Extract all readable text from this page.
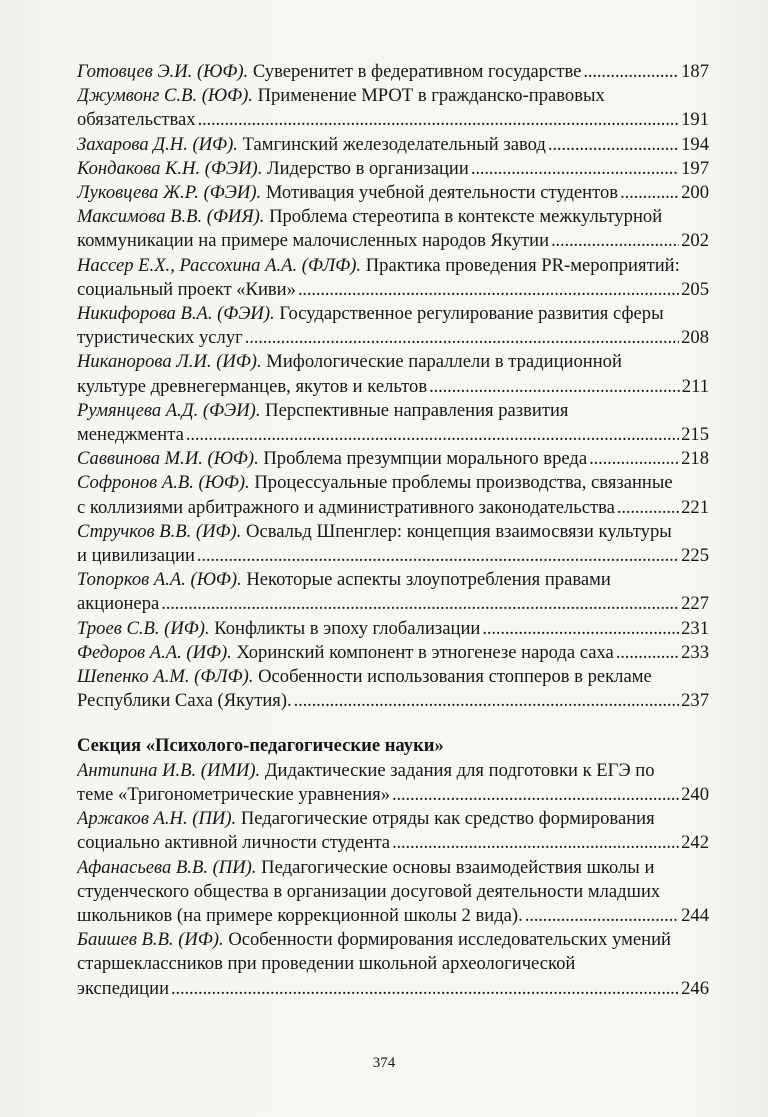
Готовцев Э.И. (ЮФ). Суверенитет в федеративном государстве . . .	187
Джумвонг С.В. (ЮФ). Применение МРОТ в гражданско-правовых
обязательствах . . .	191
Захарова Д.Н. (ИФ). Тамгинский железоделательный завод . . .	194
Кондакова К.Н. (ФЭИ). Лидерство в организации . . .	197
Луковцева Ж.Р. (ФЭИ). Мотивация учебной деятельности студентов . . .	200
Максимова В.В. (ФИЯ). Проблема стереотипа в контексте межкультурной
коммуникации на примере малочисленных народов Якутии . . .	202
Нассер Е.Х., Рассохина А.А. (ФЛФ). Практика проведения PR-мероприятий:
социальный проект «Киви» . . .	205
Никифорова В.А. (ФЭИ). Государственное регулирование развития сферы
туристических услуг . . .	208
Никанорова Л.И. (ИФ). Мифологические параллели в традиционной
культуре древнегерманцев, якутов и кельтов . . .	211
Румянцева А.Д. (ФЭИ). Перспективные направления развития
менеджмента . . .	215
Саввинова М.И. (ЮФ). Проблема презумпции морального вреда . . .	218
Софронов А.В. (ЮФ). Процессуальные проблемы производства, связанные
с коллизиями арбитражного и административного законодательства . . .	221
Стручков В.В. (ИФ). Освальд Шпенглер: концепция взаимосвязи культуры
и цивилизации . . .	225
Топорков А.А. (ЮФ). Некоторые аспекты злоупотребления правами
акционера . . .	227
Троев С.В. (ИФ). Конфликты в эпоху глобализации . . .	231
Федоров А.А. (ИФ). Хоринский компонент в этногенезе народа саха . . .	233
Шепенко А.М. (ФЛФ). Особенности использования стопперов в рекламе
Республики Саха (Якутия). . . .	237
Секция «Психолого-педагогические науки»
Антипина И.В. (ИМИ). Дидактические задания для подготовки к ЕГЭ по
теме «Тригонометрические уравнения» . . .	240
Аржаков А.Н. (ПИ). Педагогические отряды как средство формирования
социально активной личности студента . . .	242
Афанасьева В.В. (ПИ). Педагогические основы взаимодействия школы и
студенческого общества в организации досуговой деятельности младших
школьников (на примере коррекционной школы 2 вида). . . .	244
Баишев В.В. (ИФ). Особенности формирования исследовательских умений
старшеклассников при проведении школьной археологической
экспедиции . . .	246
374
